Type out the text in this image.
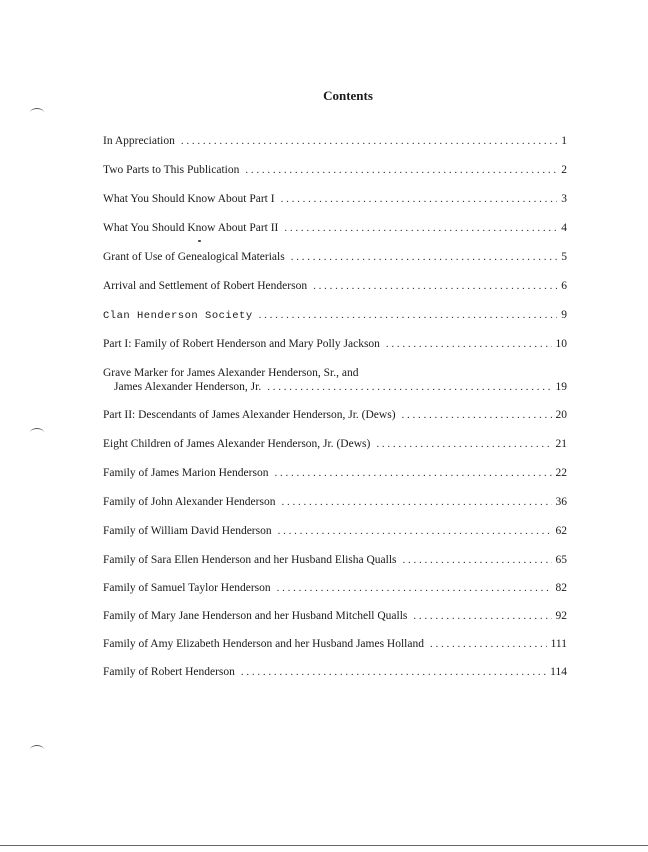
Contents
In Appreciation . . .	1
Two Parts to This Publication . . .	2
What You Should Know About Part I . . .	3
What You Should Know About Part II . . .	4
Grant of Use of Genealogical Materials . . .	5
Arrival and Settlement of Robert Henderson . . .	6
Clan Henderson Society . . .	9
Part I: Family of Robert Henderson and Mary Polly Jackson . . .	10
Grave Marker for James Alexander Henderson, Sr., and
James Alexander Henderson, Jr. . . .	19
Part II: Descendants of James Alexander Henderson, Jr. (Dews) . . .	20
Eight Children of James Alexander Henderson, Jr. (Dews) . . .	21
Family of James Marion Henderson . . .	22
Family of John Alexander Henderson . . .	36
Family of William David Henderson . . .	62
Family of Sara Ellen Henderson and her Husband Elisha Qualls . . .	65
Family of Samuel Taylor Henderson . . .	82
Family of Mary Jane Henderson and her Husband Mitchell Qualls . . .	92
Family of Amy Elizabeth Henderson and her Husband James Holland . . .	111
Family of Robert Henderson . . .	114
